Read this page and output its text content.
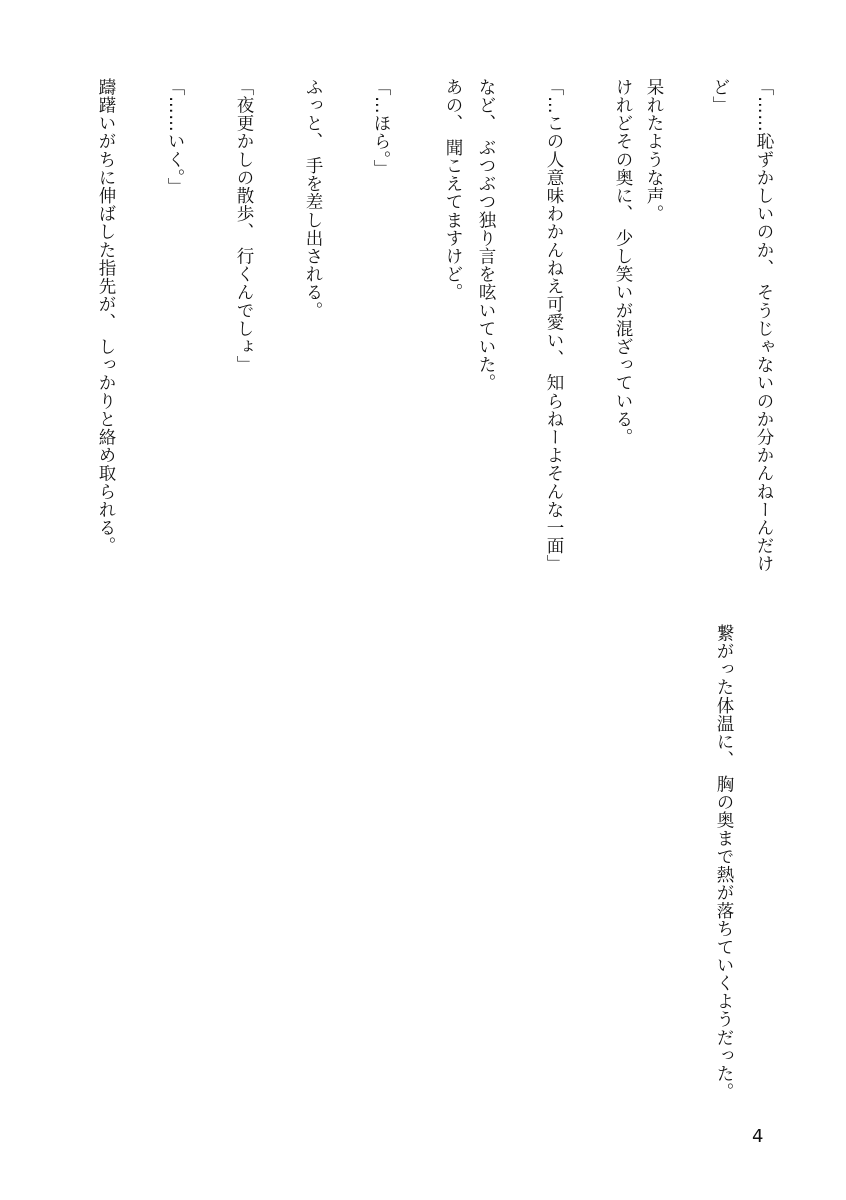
「……恥ずかしいのか、 そうじゃないのか分かんねーんだけ
ど」
呆れたような声。
けれどその奥に、 少し笑いが混ざっている。
「…この人意味わかんねえ可愛い、 知らねーよそんな一面」
など、 ぶつぶつ独り言を呟いていた。
あの、 聞こえてますけど。
「…ほら。」
ふっと、 手を差し出される。
「夜更かしの散歩、 行くんでしょ」
「……いく。」
躊躇いがちに伸ばした指先が、 しっかりと絡め取られる。
繋がった体温に、 胸の奥まで熱が落ちていくようだった。
4
